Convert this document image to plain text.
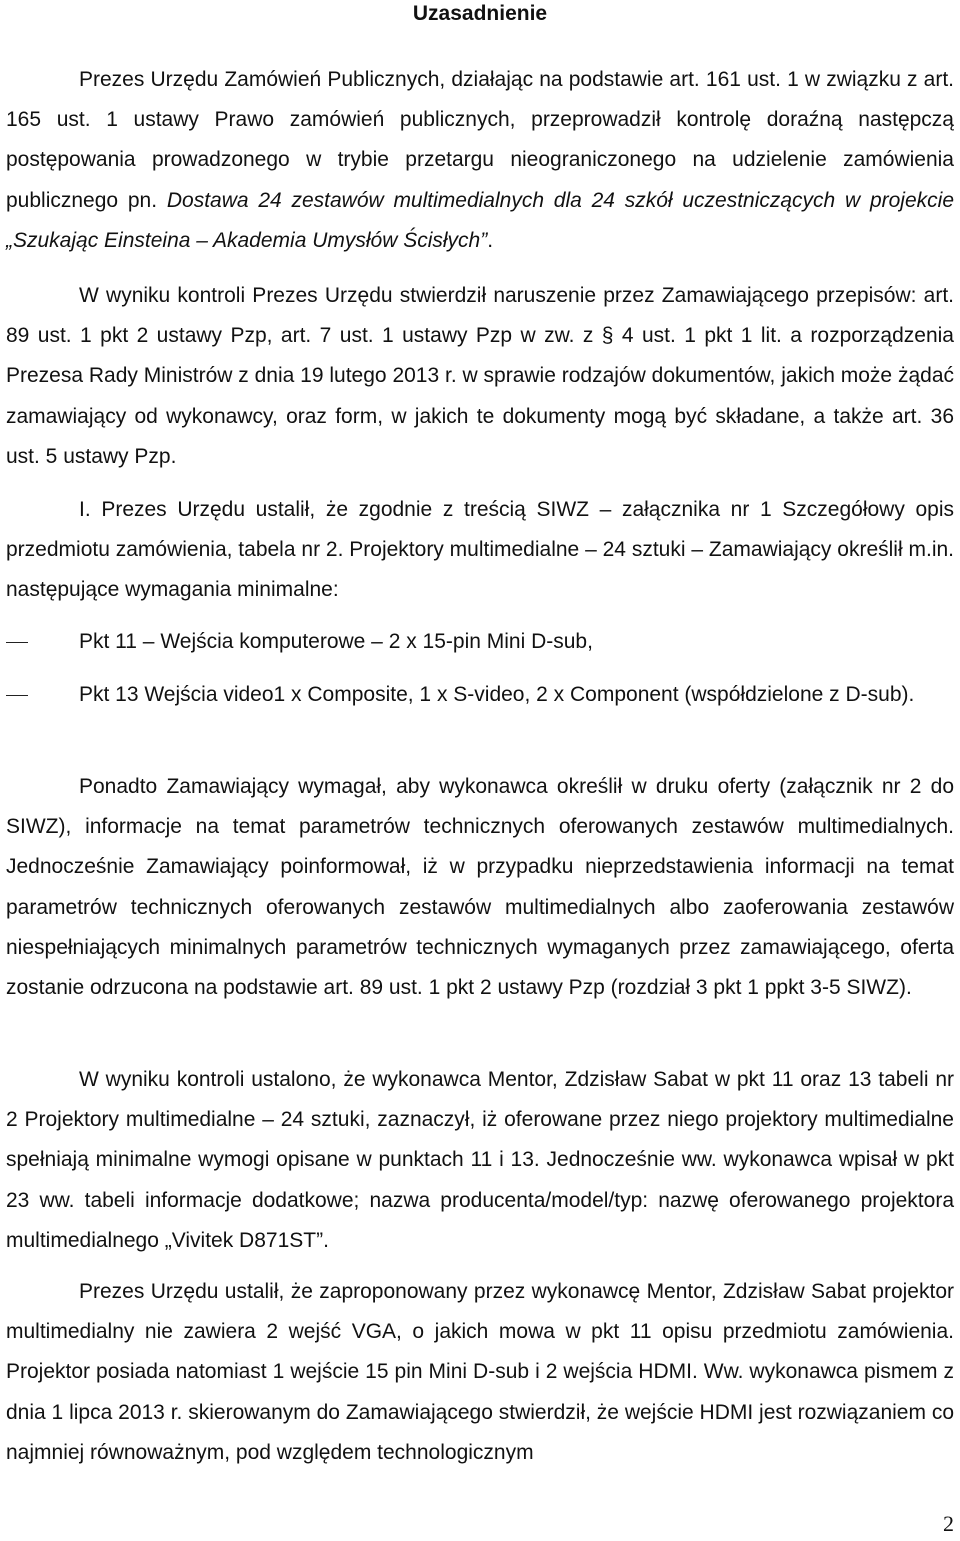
Uzasadnienie

Prezes Urzędu Zamówień Publicznych, działając na podstawie art. 161 ust. 1 w związku z art. 165 ust. 1 ustawy Prawo zamówień publicznych, przeprowadził kontrolę doraźną następczą postępowania prowadzonego w trybie przetargu nieograniczonego na udzielenie zamówienia publicznego pn. Dostawa 24 zestawów multimedialnych dla 24 szkół uczestniczących w projekcie „Szukając Einsteina – Akademia Umysłów Ścisłych”.

W wyniku kontroli Prezes Urzędu stwierdził naruszenie przez Zamawiającego przepisów: art. 89 ust. 1 pkt 2 ustawy Pzp, art. 7 ust. 1 ustawy Pzp w zw. z § 4 ust. 1 pkt 1 lit. a rozporządzenia Prezesa Rady Ministrów z dnia 19 lutego 2013 r. w sprawie rodzajów dokumentów, jakich może żądać zamawiający od wykonawcy, oraz form, w jakich te dokumenty mogą być składane, a także art. 36 ust. 5 ustawy Pzp.

I. Prezes Urzędu ustalił, że zgodnie z treścią SIWZ – załącznika nr 1 Szczegółowy opis przedmiotu zamówienia, tabela nr 2. Projektory multimedialne – 24 sztuki – Zamawiający określił m.in. następujące wymagania minimalne:

Pkt 11 – Wejścia komputerowe – 2 x 15-pin Mini D-sub,
Pkt 13 Wejścia video1 x Composite, 1 x S-video, 2 x Component (współdzielone z D-sub).

Ponadto Zamawiający wymagał, aby wykonawca określił w druku oferty (załącznik nr 2 do SIWZ), informacje na temat parametrów technicznych oferowanych zestawów multimedialnych. Jednocześnie Zamawiający poinformował, iż w przypadku nieprzedstawienia informacji na temat parametrów technicznych oferowanych zestawów multimedialnych albo zaoferowania zestawów niespełniających minimalnych parametrów technicznych wymaganych przez zamawiającego, oferta zostanie odrzucona na podstawie art. 89 ust. 1 pkt 2 ustawy Pzp (rozdział 3 pkt 1 ppkt 3-5 SIWZ).

W wyniku kontroli ustalono, że wykonawca Mentor, Zdzisław Sabat w pkt 11 oraz 13 tabeli nr 2 Projektory multimedialne – 24 sztuki, zaznaczył, iż oferowane przez niego projektory multimedialne spełniają minimalne wymogi opisane w punktach 11 i 13. Jednocześnie ww. wykonawca wpisał w pkt 23 ww. tabeli informacje dodatkowe; nazwa producenta/model/typ: nazwę oferowanego projektora multimedialnego „Vivitek D871ST”.

Prezes Urzędu ustalił, że zaproponowany przez wykonawcę Mentor, Zdzisław Sabat projektor multimedialny nie zawiera 2 wejść VGA, o jakich mowa w pkt 11 opisu przedmiotu zamówienia. Projektor posiada natomiast 1 wejście 15 pin Mini D-sub i 2 wejścia HDMI. Ww. wykonawca pismem z dnia 1 lipca 2013 r. skierowanym do Zamawiającego stwierdził, że wejście HDMI jest rozwiązaniem co najmniej równoważnym, pod względem technologicznym

2
